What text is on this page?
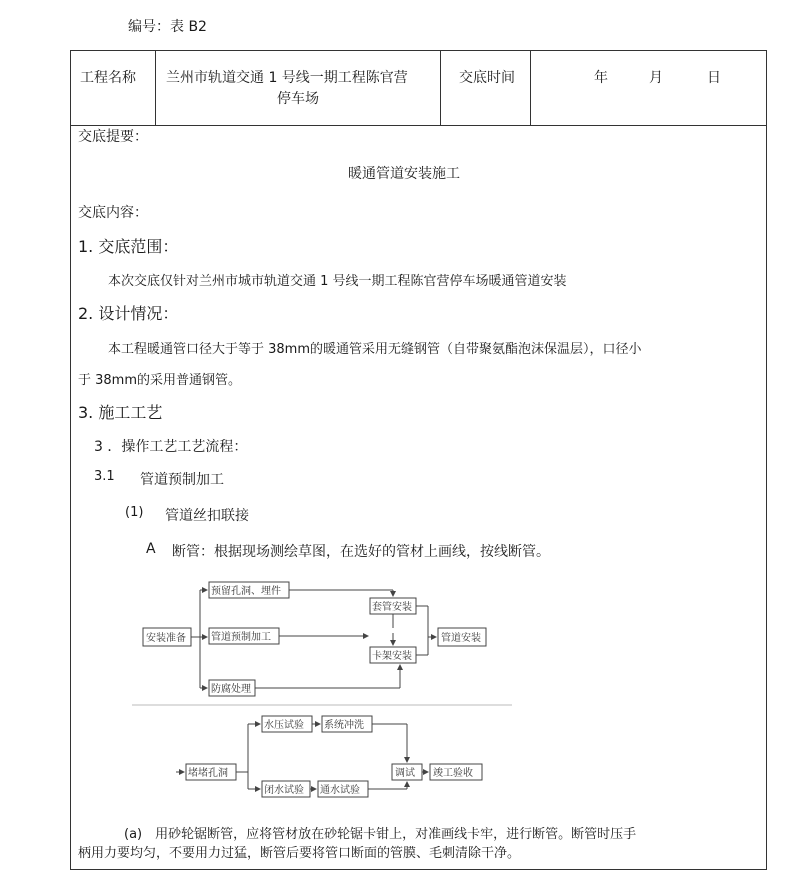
编号：表 B2
工程名称 兰州市轨道交通 1 号线一期工程陈官营
停车场
交底时间	年	月	日
交底提要：
暖通管道安装施工
交底内容：
1. 交底范围：
本次交底仅针对兰州市城市轨道交通 1 号线一期工程陈官营停车场暖通管道安装
2. 设计情况：
本工程暖通管口径大于等于 38mm的暖通管采用无缝钢管（自带聚氨酯泡沫保温层），口径小
于 38mm的采用普通钢管。
3. 施工工艺
3 ．操作工艺工艺流程：
3.1 管道预制加工
(1) 管道丝扣联接
A 断管：根据现场测绘草图，在选好的管材上画线，按线断管。
安装准备
预留孔洞、埋件
管道预制加工
防腐处理
套管安装
卡架安装
管道安装
堵堵孔洞
水压试验 系统冲洗
闭水试验 通水试验
调试 竣工验收
(a)　用砂轮锯断管，应将管材放在砂轮锯卡钳上，对准画线卡牢，进行断管。断管时压手
柄用力要均匀，不要用力过猛，断管后要将管口断面的管膜、毛刺清除干净。
